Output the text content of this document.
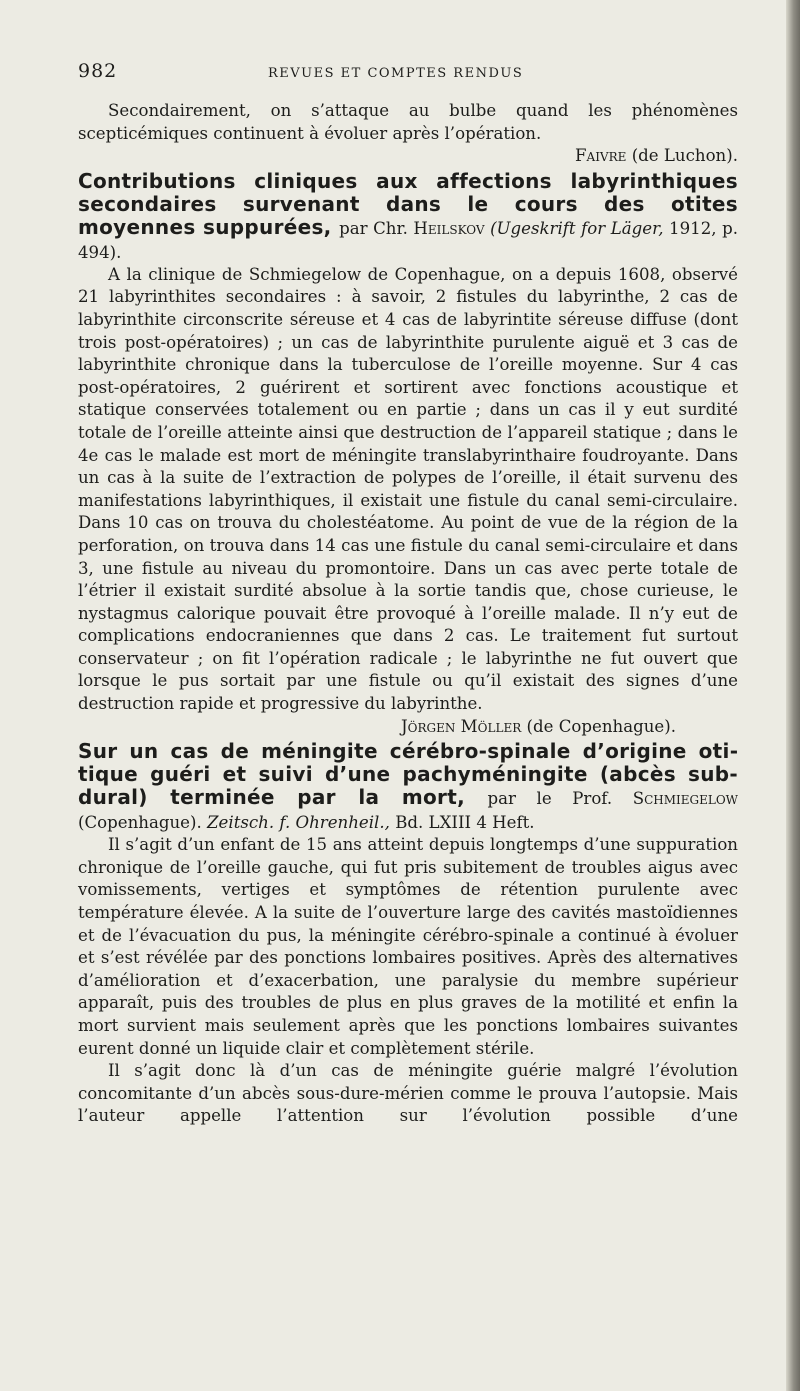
982	REVUES ET COMPTES RENDUS

Secondairement, on s’attaque au bulbe quand les phénomènes scepticémiques continuent à évoluer après l’opération.

Faivre (de Luchon).
Contributions cliniques aux affections labyrinthiques secondaires survenant dans le cours des otites moyennes suppurées, par Chr. Heilskov (Ugeskrift for Läger, 1912, p. 494).

A la clinique de Schmiegelow de Copenhague, on a depuis 1608, observé 21 labyrinthites secondaires : à savoir, 2 fistules du labyrinthe, 2 cas de labyrinthite circonscrite séreuse et 4 cas de labyrintite séreuse diffuse (dont trois post-opératoires) ; un cas de labyrinthite purulente aiguë et 3 cas de labyrinthite chronique dans la tuberculose de l’oreille moyenne. Sur 4 cas post-opératoires, 2 guérirent et sortirent avec fonctions acoustique et statique conservées totalement ou en partie ; dans un cas il y eut surdité totale de l’oreille atteinte ainsi que destruction de l’appareil statique ; dans le 4e cas le malade est mort de méningite translabyrinthaire foudroyante. Dans un cas à la suite de l’extraction de polypes de l’oreille, il était survenu des manifestations labyrinthiques, il existait une fistule du canal semi-circulaire. Dans 10 cas on trouva du cholestéatome. Au point de vue de la région de la perforation, on trouva dans 14 cas une fistule du canal semi-circulaire et dans 3, une fistule au niveau du promontoire. Dans un cas avec perte totale de l’étrier il existait surdité absolue à la sortie tandis que, chose curieuse, le nystagmus calorique pouvait être provoqué à l’oreille malade. Il n’y eut de complications endocraniennes que dans 2 cas. Le traitement fut surtout conservateur ; on fit l’opération radicale ; le labyrinthe ne fut ouvert que lorsque le pus sortait par une fistule ou qu’il existait des signes d’une destruction rapide et progressive du labyrinthe.

Jörgen Möller (de Copenhague).
Sur un cas de méningite cérébro-spinale d’origine otitique guéri et suivi d’une pachyméningite (abcès sub-dural) terminée par la mort, par le Prof. Schmiegelow (Copenhague). Zeitsch. f. Ohrenheil., Bd. LXIII 4 Heft.

Il s’agit d’un enfant de 15 ans atteint depuis longtemps d’une suppuration chronique de l’oreille gauche, qui fut pris subitement de troubles aigus avec vomissements, vertiges et symptômes de rétention purulente avec température élevée. A la suite de l’ouverture large des cavités mastoïdiennes et de l’évacuation du pus, la méningite cérébro-spinale a continué à évoluer et s’est révélée par des ponctions lombaires positives. Après des alternatives d’amélioration et d’exacerbation, une paralysie du membre supérieur apparaît, puis des troubles de plus en plus graves de la motilité et enfin la mort survient mais seulement après que les ponctions lombaires suivantes eurent donné un liquide clair et complètement stérile.

Il s’agit donc là d’un cas de méningite guérie malgré l’évolution concomitante d’un abcès sous-dure-mérien comme le prouva l’autopsie. Mais l’auteur appelle l’attention sur l’évolution possible d’une
